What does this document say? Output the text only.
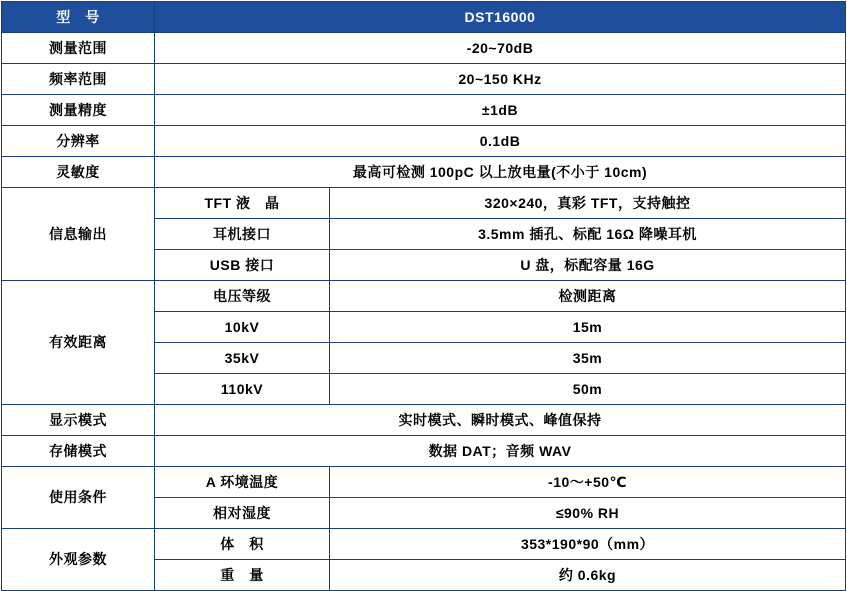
型　号	DST16000	
测量范围	-20~70dB	
频率范围	20~150 KHz	
测量精度	±1dB	
分辨率	0.1dB	
灵敏度	最高可检测 100pC 以上放电量(不小于 10cm)	
信息输出	TFT 液　晶	320×240，真彩 TFT，支持触控
	耳机接口	3.5mm 插孔、标配 16Ω 降噪耳机
	USB 接口	U 盘，标配容量 16G
有效距离	电压等级	检测距离
	10kV	15m
	35kV	35m
	110kV	50m
显示模式	实时模式、瞬时模式、峰值保持	
存储模式	数据 DAT；音频 WAV	
使用条件	A 环境温度	-10～+50℃
	相对湿度	≤90% RH
外观参数	体　积	353*190*90（mm）
	重　量	约 0.6kg
